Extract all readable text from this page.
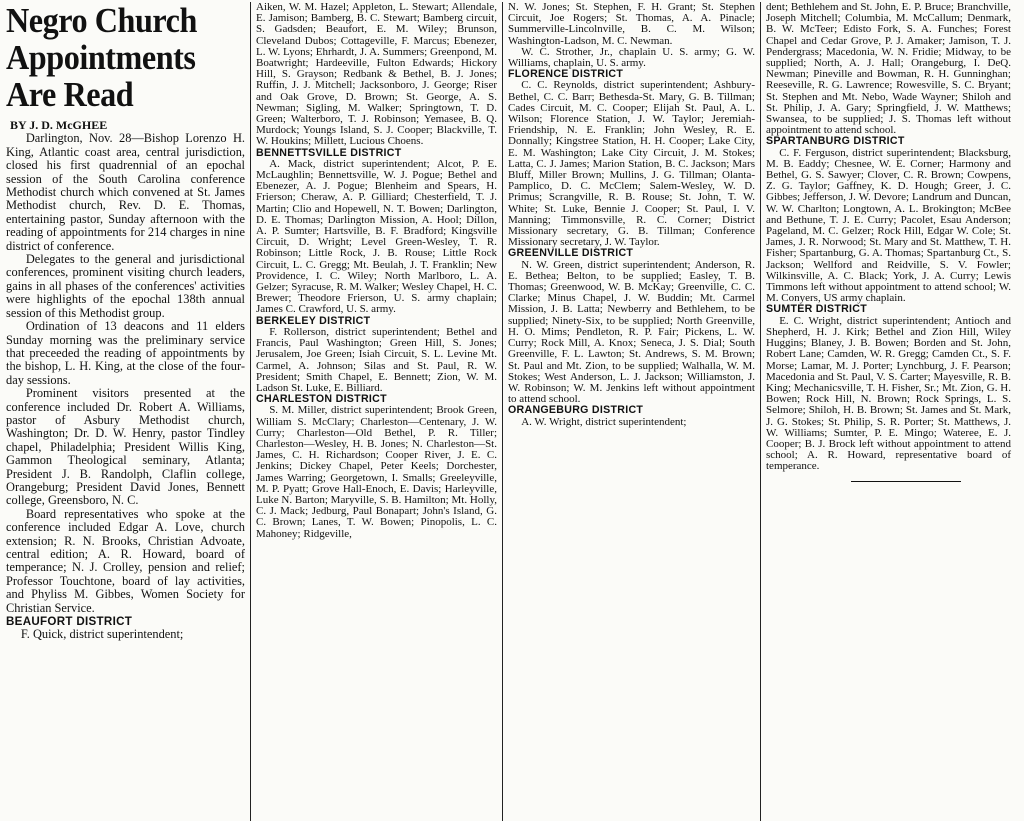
Negro Church
Appointments
Are Read
BY J. D. McGHEE

Darlington, Nov. 28—Bishop Lorenzo H. King, Atlantic coast area, central jurisdiction, closed his first quadrennial of an epochal session of the South Carolina conference Methodist church which convened at St. James Methodist church, Rev. D. E. Thomas, entertaining pastor, Sunday afternoon with the reading of appointments for 214 charges in nine district of conference.

Delegates to the general and jurisdictional conferences, prominent visiting church leaders, gains in all phases of the conferences' activities were highlights of the epochal 138th annual session of this Methodist group.

Ordination of 13 deacons and 11 elders Sunday morning was the preliminary service that preceeded the reading of appointments by the bishop, L. H. King, at the close of the four-day sessions.

Prominent visitors presented at the conference included Dr. Robert A. Williams, pastor of Asbury Methodist church, Washington; Dr. D. W. Henry, pastor Tindley chapel, Philadelphia; President Willis King, Gammon Theological seminary, Atlanta; President J. B. Randolph, Claflin college, Orangeburg; President David Jones, Bennett college, Greensboro, N. C.

Board representatives who spoke at the conference included Edgar A. Love, church extension; R. N. Brooks, Christian Advoate, central edition; A. R. Howard, board of temperance; N. J. Crolley, pension and relief; Professor Touchtone, board of lay activities, and Phyliss M. Gibbes, Women Society for Christian Service.

BEAUFORT DISTRICT

F. Quick, district superintendent;

Aiken, W. M. Hazel; Appleton, L. Stewart; Allendale, E. Jamison; Bamberg, B. C. Stewart; Bamberg circuit, S. Gadsden; Beaufort, E. M. Wiley; Brunson, Cleveland Dubos; Cottageville, F. Marcus; Ebenezer, L. W. Lyons; Ehrhardt, J. A. Summers; Greenpond, M. Boatwright; Hardeeville, Fulton Edwards; Hickory Hill, S. Grayson; Redbank & Bethel, B. J. Jones; Ruffin, J. J. Mitchell; Jacksonboro, J. George; Riser and Oak Grove, D. Brown; St. George, A. S. Newman; Sigling, M. Walker; Springtown, T. D. Green; Walterboro, T. J. Robinson; Yemasee, B. Q. Murdock; Youngs Island, S. J. Cooper; Blackville, T. W. Houkins; Millett, Lucious Choens.

BENNETTSVILLE DISTRICT

A. Mack, district superintendent; Alcot, P. E. McLaughlin; Bennettsville, W. J. Pogue; Bethel and Ebenezer, A. J. Pogue; Blenheim and Spears, H. Frierson; Cheraw, A. P. Gilliard; Chesterfield, T. J. Martin; Clio and Hopewell, N. T. Bowen; Darlington, D. E. Thomas; Darlington Mission, A. Hool; Dillon, A. P. Sumter; Hartsville, B. F. Bradford; Kingsville Circuit, D. Wright; Level Green-Wesley, T. R. Robinson; Little Rock, J. B. Rouse; Little Rock Circuit, L. C. Gregg; Mt. Beulah, J. T. Franklin; New Providence, I. C. Wiley; North Marlboro, L. A. Gelzer; Syracuse, R. M. Walker; Wesley Chapel, H. C. Brewer; Theodore Frierson, U. S. army chaplain; James C. Crawford, U. S. army.

BERKELEY DISTRICT

F. Rollerson, district superintendent; Bethel and Francis, Paul Washington; Green Hill, S. Jones; Jerusalem, Joe Green; Isiah Circuit, S. L. Levine Mt. Carmel, A. Johnson; Silas and St. Paul, R. W. President; Smith Chapel, E. Bennett; Zion, W. M. Ladson St. Luke, E. Billiard.

CHARLESTON DISTRICT

S. M. Miller, district superintendent; Brook Green, William S. McClary; Charleston—Centenary, J. W. Curry; Charleston—Old Bethel, P. R. Tiller; Charleston—Wesley, H. B. Jones; N. Charleston—St. James, C. H. Richardson; Cooper River, J. E. C. Jenkins; Dickey Chapel, Peter Keels; Dorchester, James Warring; Georgetown, I. Smalls; Greeleyville, M. P. Pyatt; Grove Hall-Enoch, E. Davis; Harleyville, Luke N. Barton; Maryville, S. B. Hamilton; Mt. Holly, C. J. Mack; Jedburg, Paul Bonapart; John's Island, G. C. Brown; Lanes, T. W. Bowen; Pinopolis, L. C. Mahoney; Ridgeville,

N. W. Jones; St. Stephen, F. H. Grant; St. Stephen Circuit, Joe Rogers; St. Thomas, A. A. Pinacle; Summerville-Lincolnville, B. C. M. Wilson; Washington-Ladson, M. C. Newman.

W. C. Strother, Jr., chaplain U. S. army; G. W. Williams, chaplain, U. S. army.

FLORENCE DISTRICT

C. C. Reynolds, district superintendent; Ashbury-Bethel, C. C. Barr; Bethesda-St. Mary, G. B. Tillman; Cades Circuit, M. C. Cooper; Elijah St. Paul, A. L. Wilson; Florence Station, J. W. Taylor; Jeremiah-Friendship, N. E. Franklin; John Wesley, R. E. Donnally; Kingstree Station, H. H. Cooper; Lake City, E. M. Washington; Lake City Circuit, J. M. Stokes; Latta, C. J. James; Marion Station, B. C. Jackson; Mars Bluff, Miller Brown; Mullins, J. G. Tillman; Olanta-Pamplico, D. C. McClem; Salem-Wesley, W. D. Primus; Scrangville, R. B. Rouse; St. John, T. W. White; St. Luke, Bennie J. Cooper; St. Paul, I. V. Manning; Timmonsville, R. C. Corner; District Missionary secretary, G. B. Tillman; Conference Missionary secretary, J. W. Taylor.

GREENVILLE DISTRICT

N. W. Green, district superintendent; Anderson, R. E. Bethea; Belton, to be supplied; Easley, T. B. Thomas; Greenwood, W. B. McKay; Greenville, C. C. Clarke; Minus Chapel, J. W. Buddin; Mt. Carmel Mission, J. B. Latta; Newberry and Bethlehem, to be supplied; Ninety-Six, to be supplied; North Greenville, H. O. Mims; Pendleton, R. P. Fair; Pickens, L. W. Curry; Rock Mill, A. Knox; Seneca, J. S. Dial; South Greenville, F. L. Lawton; St. Andrews, S. M. Brown; St. Paul and Mt. Zion, to be supplied; Walhalla, W. M. Stokes; West Anderson, L. J. Jackson; Williamston, J. W. Robinson; W. M. Jenkins left without appointment to attend school.

ORANGEBURG DISTRICT

A. W. Wright, district superintendent;

dent; Bethlehem and St. John, E. P. Bruce; Branchville, Joseph Mitchell; Columbia, M. McCallum; Denmark, B. W. McTeer; Edisto Fork, S. A. Funches; Forest Chapel and Cedar Grove, P. J. Amaker; Jamison, T. J. Pendergrass; Macedonia, W. N. Fridie; Midway, to be supplied; North, A. J. Hall; Orangeburg, I. DeQ. Newman; Pineville and Bowman, R. H. Gunninghan; Reeseville, R. G. Lawrence; Rowesville, S. C. Bryant; St. Stephen and Mt. Nebo, Wade Wayner; Shiloh and St. Philip, J. A. Gary; Springfield, J. W. Matthews; Swansea, to be supplied; J. S. Thomas left without appointment to attend school.

SPARTANBURG DISTRICT

C. F. Ferguson, district superintendent; Blacksburg, M. B. Eaddy; Chesnee, W. E. Corner; Harmony and Bethel, G. S. Sawyer; Clover, C. R. Brown; Cowpens, Z. G. Taylor; Gaffney, K. D. Hough; Greer, J. C. Gibbes; Jefferson, J. W. Devore; Landrum and Duncan, W. W. Charlton; Longtown, A. L. Brokington; McBee and Bethune, T. J. E. Curry; Pacolet, Esau Anderson; Pageland, M. C. Gelzer; Rock Hill, Edgar W. Cole; St. James, J. R. Norwood; St. Mary and St. Matthew, T. H. Fisher; Spartanburg, G. A. Thomas; Spartanburg Ct., S. Jackson; Wellford and Reidville, S. V. Fowler; Wilkinsville, A. C. Black; York, J. A. Curry; Lewis Timmons left without appointment to attend school; W. M. Conyers, US army chaplain.

SUMTER DISTRICT

E. C. Wright, district superintendent; Antioch and Shepherd, H. J. Kirk; Bethel and Zion Hill, Wiley Huggins; Blaney, J. B. Bowen; Borden and St. John, Robert Lane; Camden, W. R. Gregg; Camden Ct., S. F. Morse; Lamar, M. J. Porter; Lynchburg, J. F. Pearson; Macedonia and St. Paul, V. S. Carter; Mayesville, R. B. King; Mechanicsville, T. H. Fisher, Sr.; Mt. Zion, G. H. Bowen; Rock Hill, N. Brown; Rock Springs, L. S. Selmore; Shiloh, H. B. Brown; St. James and St. Mark, J. G. Stokes; St. Philip, S. R. Porter; St. Matthews, J. W. Williams; Sumter, P. E. Mingo; Wateree, E. J. Cooper; B. J. Brock left without appointment to attend school; A. R. Howard, representative board of temperance.
